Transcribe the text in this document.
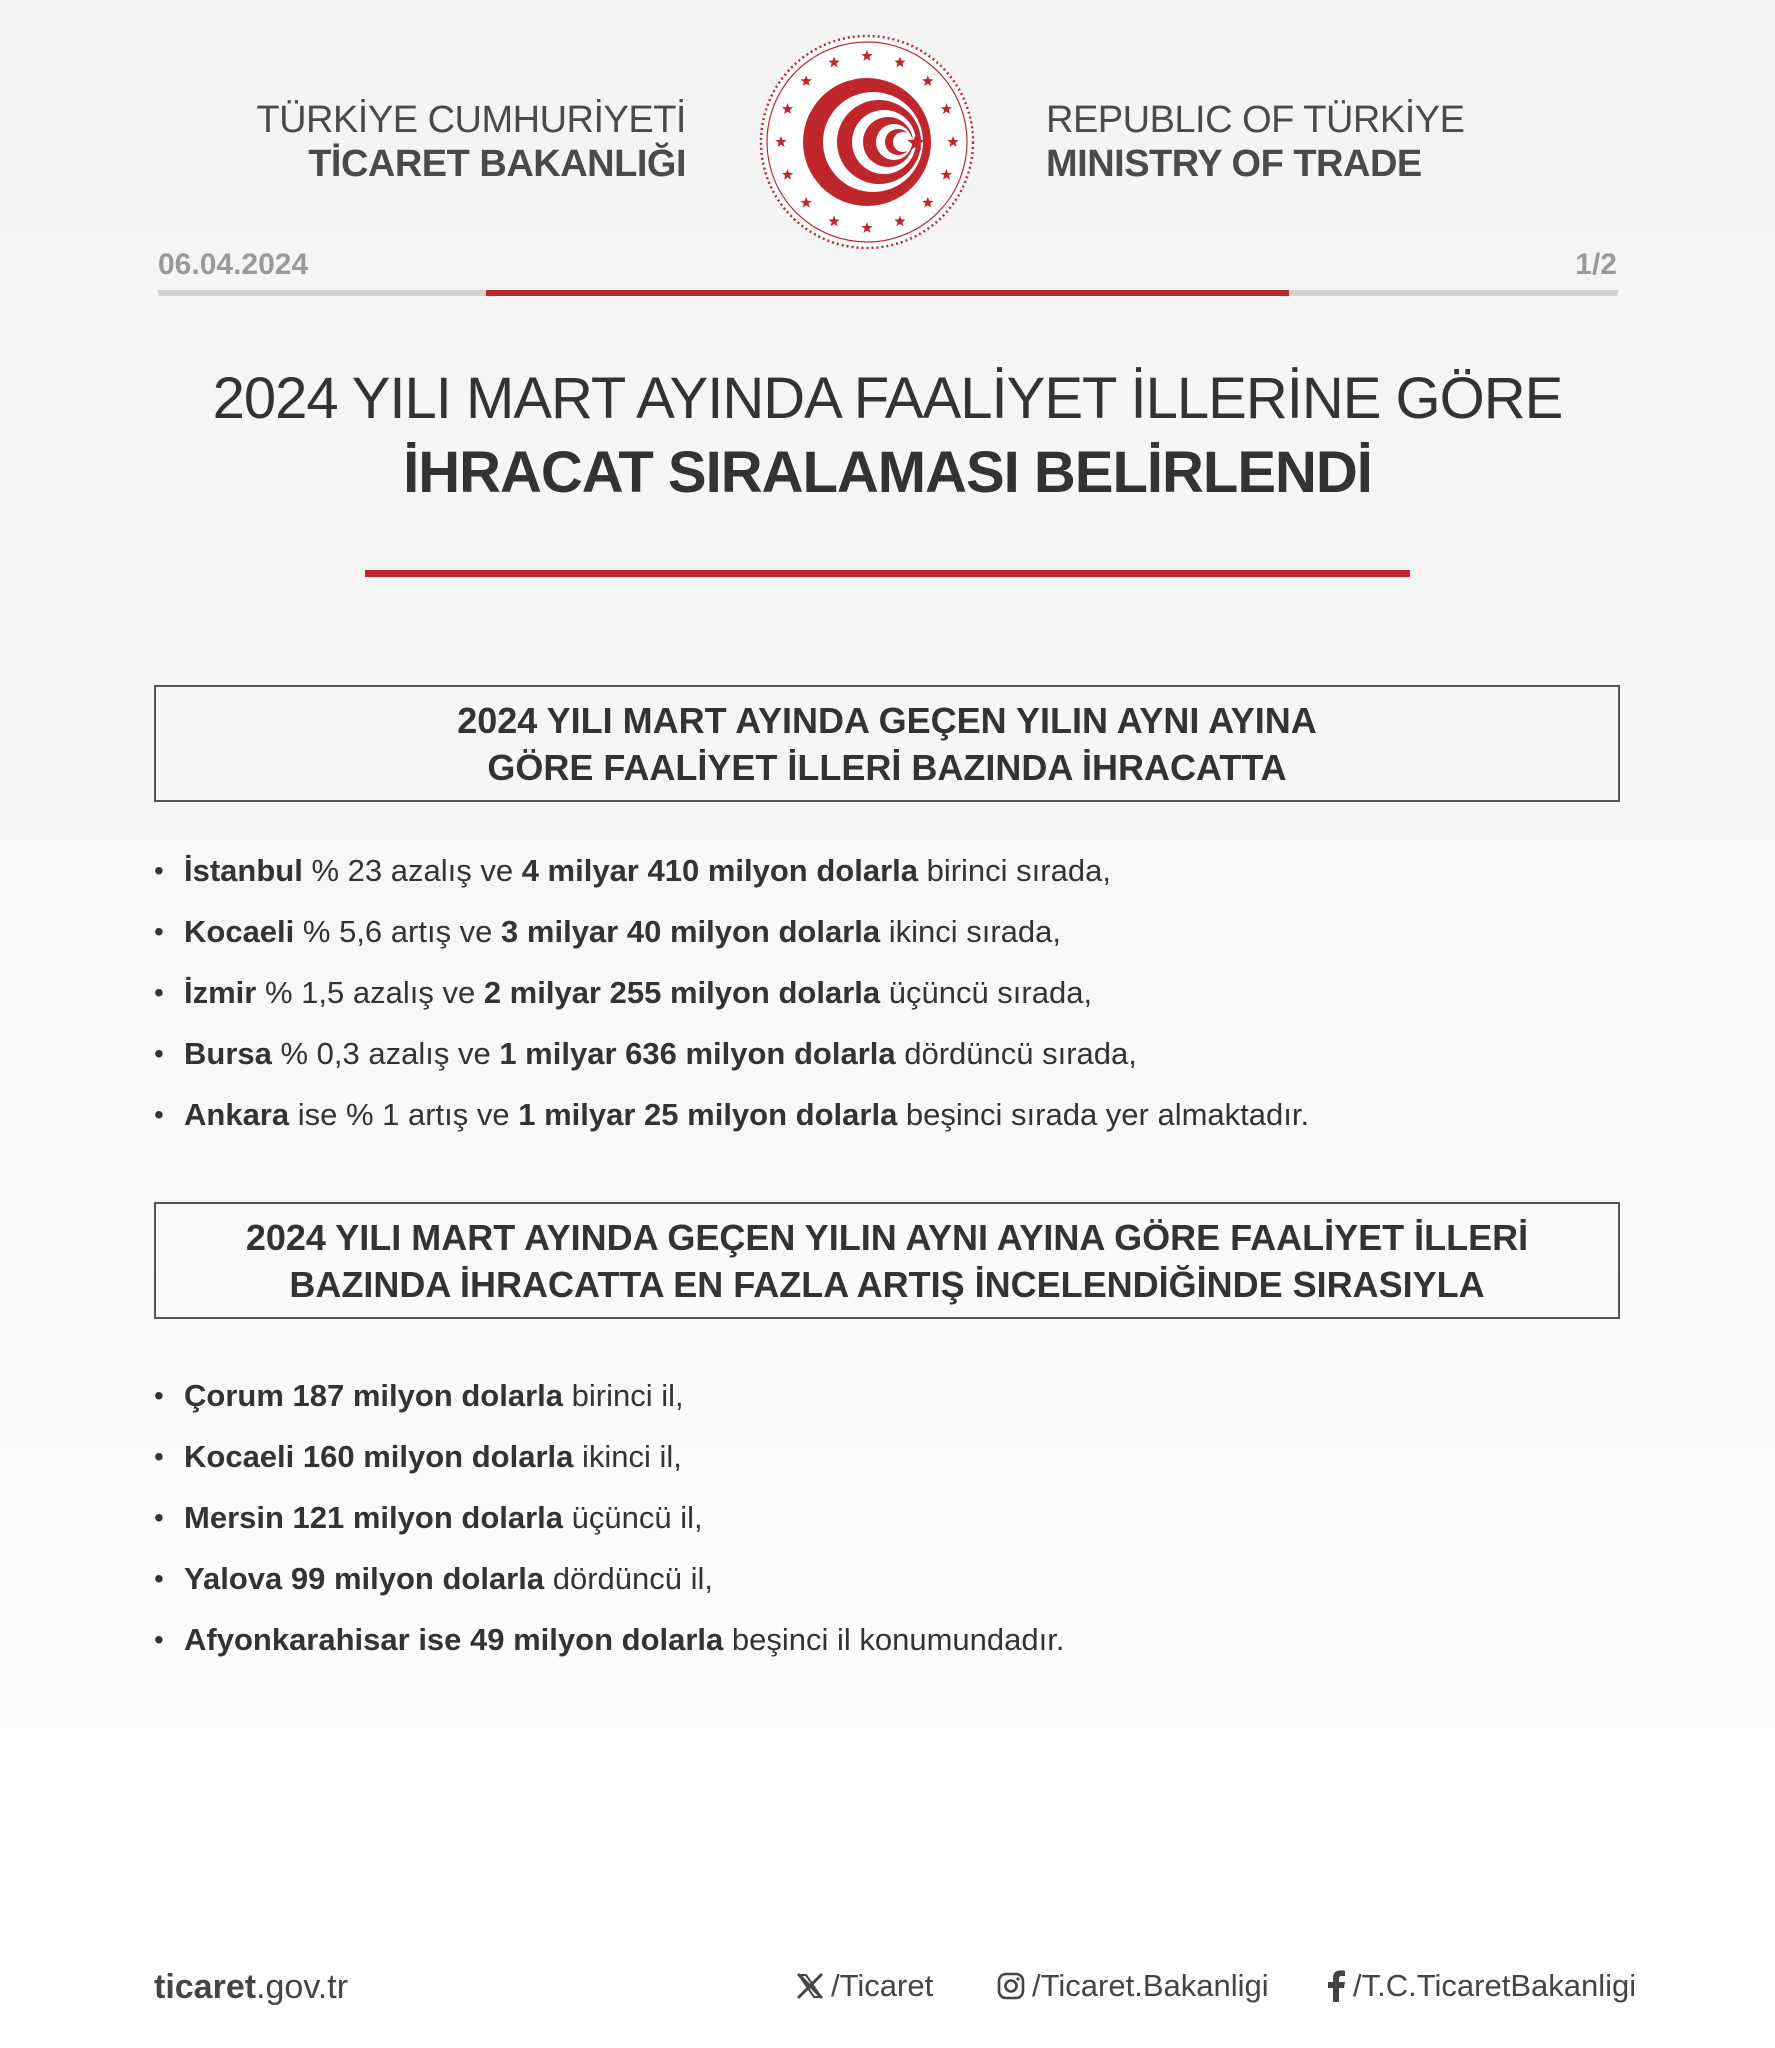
TÜRKİYE CUMHURİYETİ
TİCARET BAKANLIĞI
REPUBLIC OF TÜRKİYE
MINISTRY OF TRADE
06.04.2024	1/2
2024 YILI MART AYINDA FAALİYET İLLERİNE GÖRE
İHRACAT SIRALAMASI BELİRLENDİ
2024 YILI MART AYINDA GEÇEN YILIN AYNI AYINA
GÖRE FAALİYET İLLERİ BAZINDA İHRACATTA
• İstanbul % 23 azalış ve 4 milyar 410 milyon dolarla birinci sırada,
• Kocaeli % 5,6 artış ve 3 milyar 40 milyon dolarla ikinci sırada,
• İzmir % 1,5 azalış ve 2 milyar 255 milyon dolarla üçüncü sırada,
• Bursa % 0,3 azalış ve 1 milyar 636 milyon dolarla dördüncü sırada,
• Ankara ise % 1 artış ve 1 milyar 25 milyon dolarla beşinci sırada yer almaktadır.
2024 YILI MART AYINDA GEÇEN YILIN AYNI AYINA GÖRE FAALİYET İLLERİ
BAZINDA İHRACATTA EN FAZLA ARTIŞ İNCELENDİĞİNDE SIRASIYLA
• Çorum 187 milyon dolarla birinci il,
• Kocaeli 160 milyon dolarla ikinci il,
• Mersin 121 milyon dolarla üçüncü il,
• Yalova 99 milyon dolarla dördüncü il,
• Afyonkarahisar ise 49 milyon dolarla beşinci il konumundadır.
ticaret.gov.tr	/Ticaret	/Ticaret.Bakanligi	/T.C.TicaretBakanligi
